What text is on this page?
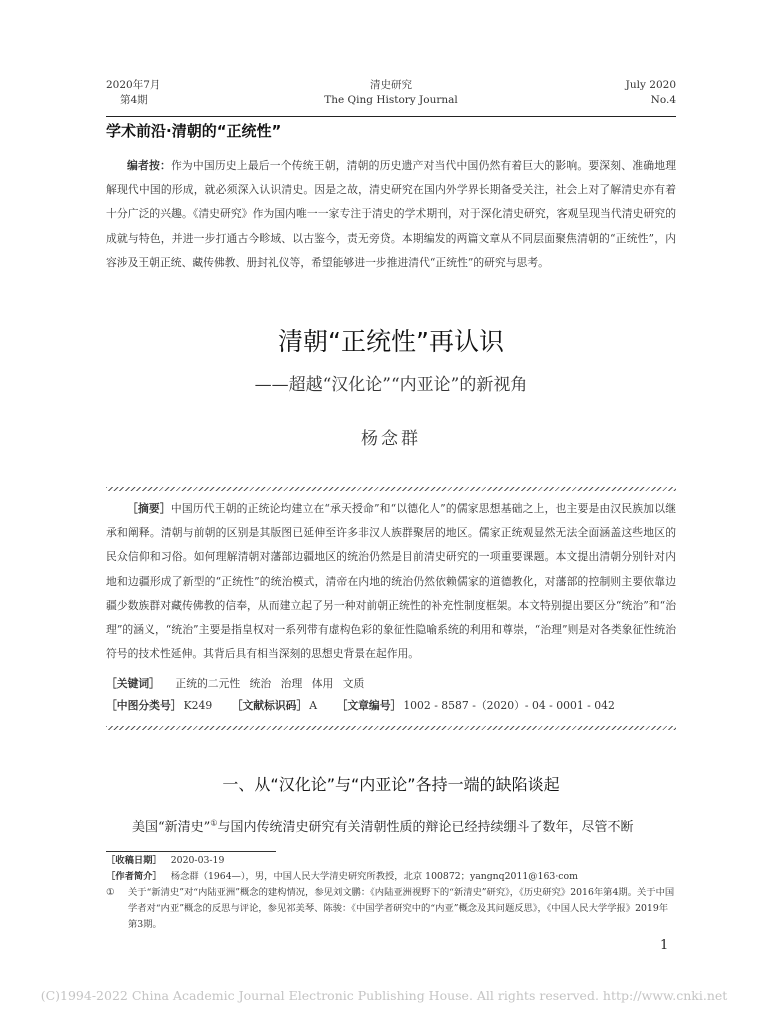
2020年7月
第4期
清史研究
The Qing History Journal
July 2020
No.4
学术前沿·清朝的“正统性”
编者按：作为中国历史上最后一个传统王朝，清朝的历史遗产对当代中国仍然有着巨大的影响。要深刻、准确地理解现代中国的形成，就必须深入认识清史。因是之故，清史研究在国内外学界长期备受关注，社会上对了解清史亦有着十分广泛的兴趣。《清史研究》作为国内唯一一家专注于清史的学术期刊，对于深化清史研究，客观呈现当代清史研究的成就与特色，并进一步打通古今畛域、以古鉴今，责无旁贷。本期编发的两篇文章从不同层面聚焦清朝的“正统性”，内容涉及王朝正统、藏传佛教、册封礼仪等，希望能够进一步推进清代“正统性”的研究与思考。
清朝“正统性”再认识
——超越“汉化论”“内亚论”的新视角
杨念群
［摘要］中国历代王朝的正统论均建立在“承天授命”和“以德化人”的儒家思想基础之上，也主要是由汉民族加以继承和阐释。清朝与前朝的区别是其版图已延伸至许多非汉人族群聚居的地区。儒家正统观显然无法全面涵盖这些地区的民众信仰和习俗。如何理解清朝对藩部边疆地区的统治仍然是目前清史研究的一项重要课题。本文提出清朝分别针对内地和边疆形成了新型的“正统性”的统治模式，清帝在内地的统治仍然依赖儒家的道德教化，对藩部的控制则主要依靠边疆少数族群对藏传佛教的信奉，从而建立起了另一种对前朝正统性的补充性制度框架。本文特别提出要区分“统治”和“治理”的涵义，“统治”主要是指皇权对一系列带有虚构色彩的象征性隐喻系统的利用和尊崇，“治理”则是对各类象征性统治符号的技术性延伸。其背后具有相当深刻的思想史背景在起作用。
［关键词］ 正统的二元性 统治 治理 体用 文质
［中图分类号］ K249 ［文献标识码］ A ［文章编号］ 1002 - 8587 -（2020）- 04 - 0001 - 042
一、从“汉化论”与“内亚论”各持一端的缺陷谈起
美国“新清史”①与国内传统清史研究有关清朝性质的辩论已经持续绷斗了数年，尽管不断
［收稿日期］ 2020-03-19
［作者简介］ 杨念群（1964—），男，中国人民大学清史研究所教授，北京 100872；yangnq2011@163·com
① 关于“新清史”对“内陆亚洲”概念的建构情况，参见刘文鹏：《内陆亚洲视野下的“新清史”研究》，《历史研究》2016年第4期。关于中国学者对“内亚”概念的反思与评论，参见祁美琴、陈骏：《中国学者研究中的“内亚”概念及其问题反思》，《中国人民大学学报》2019年第3期。
1
(C)1994-2022 China Academic Journal Electronic Publishing House. All rights reserved. http://www.cnki.net
